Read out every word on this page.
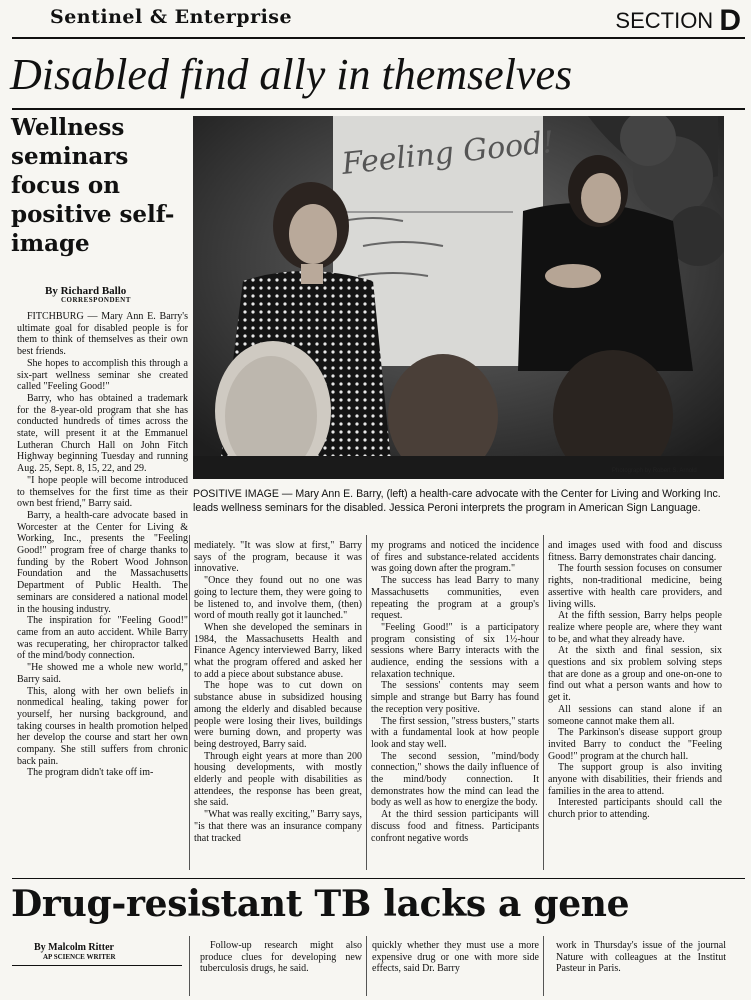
Sentinel & Enterprise	SECTION D
Disabled find ally in themselves
Wellness seminars focus on positive self-image
By Richard Ballo
CORRESPONDENT
Feeling Good!
Photograph by Robert S. Arnold
POSITIVE IMAGE — Mary Ann E. Barry, (left) a health-care advocate with the Center for Living and Working Inc. leads wellness seminars for the disabled. Jessica Peroni interprets the program in American Sign Language.

FITCHBURG — Mary Ann E. Barry's ultimate goal for disabled people is for them to think of themselves as their own best friends.

She hopes to accomplish this through a six-part wellness seminar she created called "Feeling Good!"

Barry, who has obtained a trademark for the 8-year-old program that she has conducted hundreds of times across the state, will present it at the Emmanuel Lutheran Church Hall on John Fitch Highway beginning Tuesday and running Aug. 25, Sept. 8, 15, 22, and 29.

"I hope people will become introduced to themselves for the first time as their own best friend," Barry said.

Barry, a health-care advocate based in Worcester at the Center for Living & Working, Inc., presents the "Feeling Good!" program free of charge thanks to funding by the Robert Wood Johnson Foundation and the Massachusetts Department of Public Health. The seminars are considered a national model in the housing industry.

The inspiration for "Feeling Good!" came from an auto accident. While Barry was recuperating, her chiropractor talked of the mind/body connection.

"He showed me a whole new world," Barry said.

This, along with her own beliefs in nonmedical healing, taking power for yourself, her nursing background, and taking courses in health promotion helped her develop the course and start her own company. She still suffers from chronic back pain.

The program didn't take off im-

mediately. "It was slow at first," Barry says of the program, because it was innovative.

"Once they found out no one was going to lecture them, they were going to be listened to, and involve them, (then) word of mouth really got it launched."

When she developed the seminars in 1984, the Massachusetts Health and Finance Agency interviewed Barry, liked what the program offered and asked her to add a piece about substance abuse.

The hope was to cut down on substance abuse in subsidized housing among the elderly and disabled because people were losing their lives, buildings were burning down, and property was being destroyed, Barry said.

Through eight years at more than 200 housing developments, with mostly elderly and people with disabilities as attendees, the response has been great, she said.

"What was really exciting," Barry says, "is that there was an insurance company that tracked

my programs and noticed the incidence of fires and substance-related accidents was going down after the program."

The success has lead Barry to many Massachusetts communities, even repeating the program at a group's request.

"Feeling Good!" is a participatory program consisting of six 1½-hour sessions where Barry interacts with the audience, ending the sessions with a relaxation technique.

The sessions' contents may seem simple and strange but Barry has found the reception very positive.

The first session, "stress busters," starts with a fundamental look at how people look and stay well.

The second session, "mind/body connection," shows the daily influence of the mind/body connection. It demonstrates how the mind can lead the body as well as how to energize the body.

At the third session participants will discuss food and fitness. Participants confront negative words

and images used with food and discuss fitness. Barry demonstrates chair dancing.

The fourth session focuses on consumer rights, non-traditional medicine, being assertive with health care providers, and living wills.

At the fifth session, Barry helps people realize where people are, where they want to be, and what they already have.

At the sixth and final session, six questions and six problem solving steps that are done as a group and one-on-one to find out what a person wants and how to get it.

All sessions can stand alone if an someone cannot make them all.

The Parkinson's disease support group invited Barry to conduct the "Feeling Good!" program at the church hall.

The support group is also inviting anyone with disabilities, their friends and families in the area to attend.

Interested participants should call the church prior to attending.

Drug-resistant TB lacks a gene
By Malcolm Ritter
AP SCIENCE WRITER

Follow-up research might also produce clues for developing new tuberculosis drugs, he said.

quickly whether they must use a more expensive drug or one with more side effects, said Dr. Barry

work in Thursday's issue of the journal Nature with colleagues at the Institut Pasteur in Paris.
